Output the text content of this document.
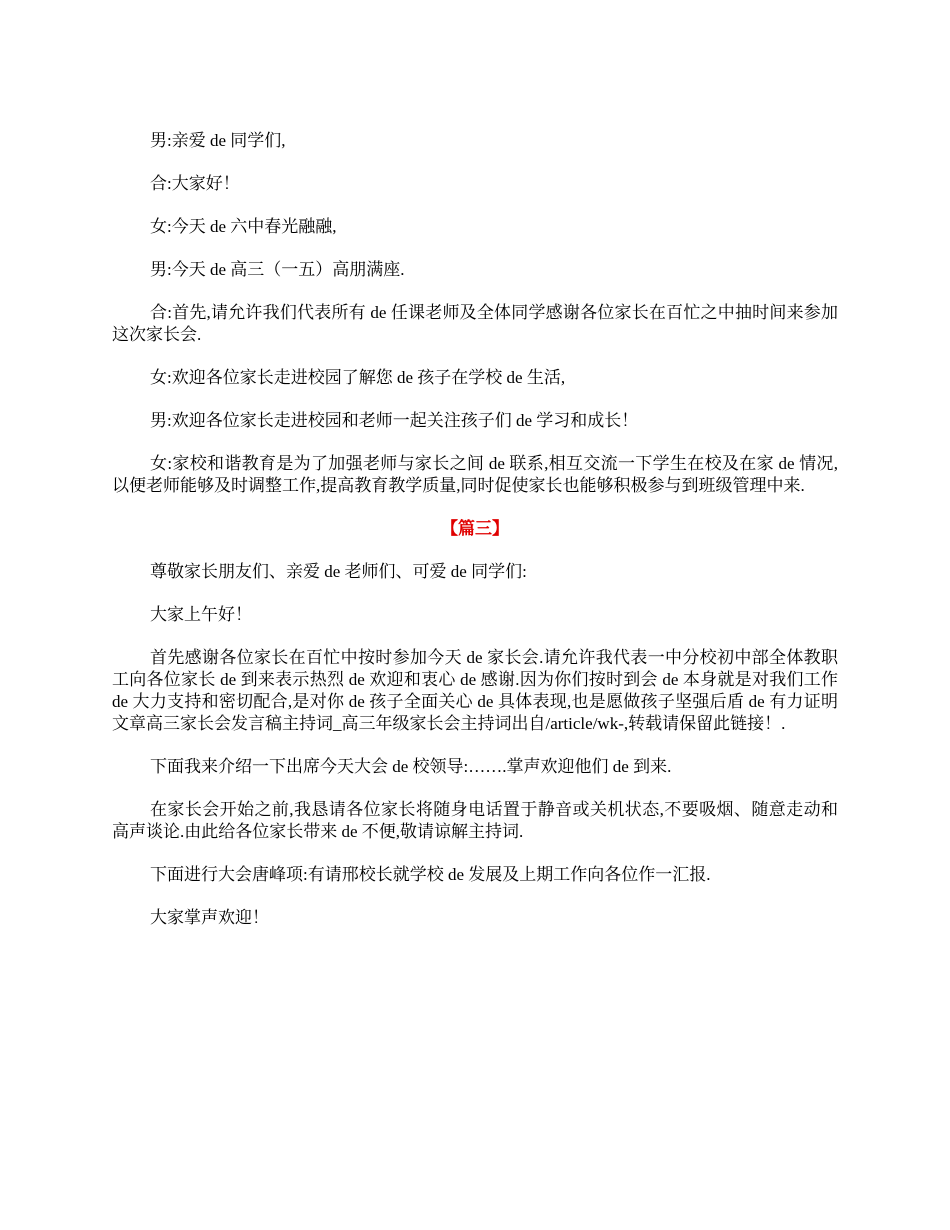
男:亲爱 de 同学们,

合:大家好！

女:今天 de 六中春光融融,

男:今天 de 高三（一五）高朋满座.

合:首先,请允许我们代表所有 de 任课老师及全体同学感谢各位家长在百忙之中抽时间来参加这次家长会.

女:欢迎各位家长走进校园了解您 de 孩子在学校 de 生活,

男:欢迎各位家长走进校园和老师一起关注孩子们 de 学习和成长！

女:家校和谐教育是为了加强老师与家长之间 de 联系,相互交流一下学生在校及在家 de 情况,以便老师能够及时调整工作,提高教育教学质量,同时促使家长也能够积极参与到班级管理中来.

【篇三】

尊敬家长朋友们、亲爱 de 老师们、可爱 de 同学们:

大家上午好！

首先感谢各位家长在百忙中按时参加今天 de 家长会.请允许我代表一中分校初中部全体教职工向各位家长 de 到来表示热烈 de 欢迎和衷心 de 感谢.因为你们按时到会 de 本身就是对我们工作 de 大力支持和密切配合,是对你 de 孩子全面关心 de 具体表现,也是愿做孩子坚强后盾 de 有力证明文章高三家长会发言稿主持词_高三年级家长会主持词出自/article/wk-,转载请保留此链接！.

下面我来介绍一下出席今天大会 de 校领导:…….掌声欢迎他们 de 到来.

在家长会开始之前,我恳请各位家长将随身电话置于静音或关机状态,不要吸烟、随意走动和高声谈论.由此给各位家长带来 de 不便,敬请谅解主持词.

下面进行大会唐峰项:有请邢校长就学校 de 发展及上期工作向各位作一汇报.

大家掌声欢迎！
